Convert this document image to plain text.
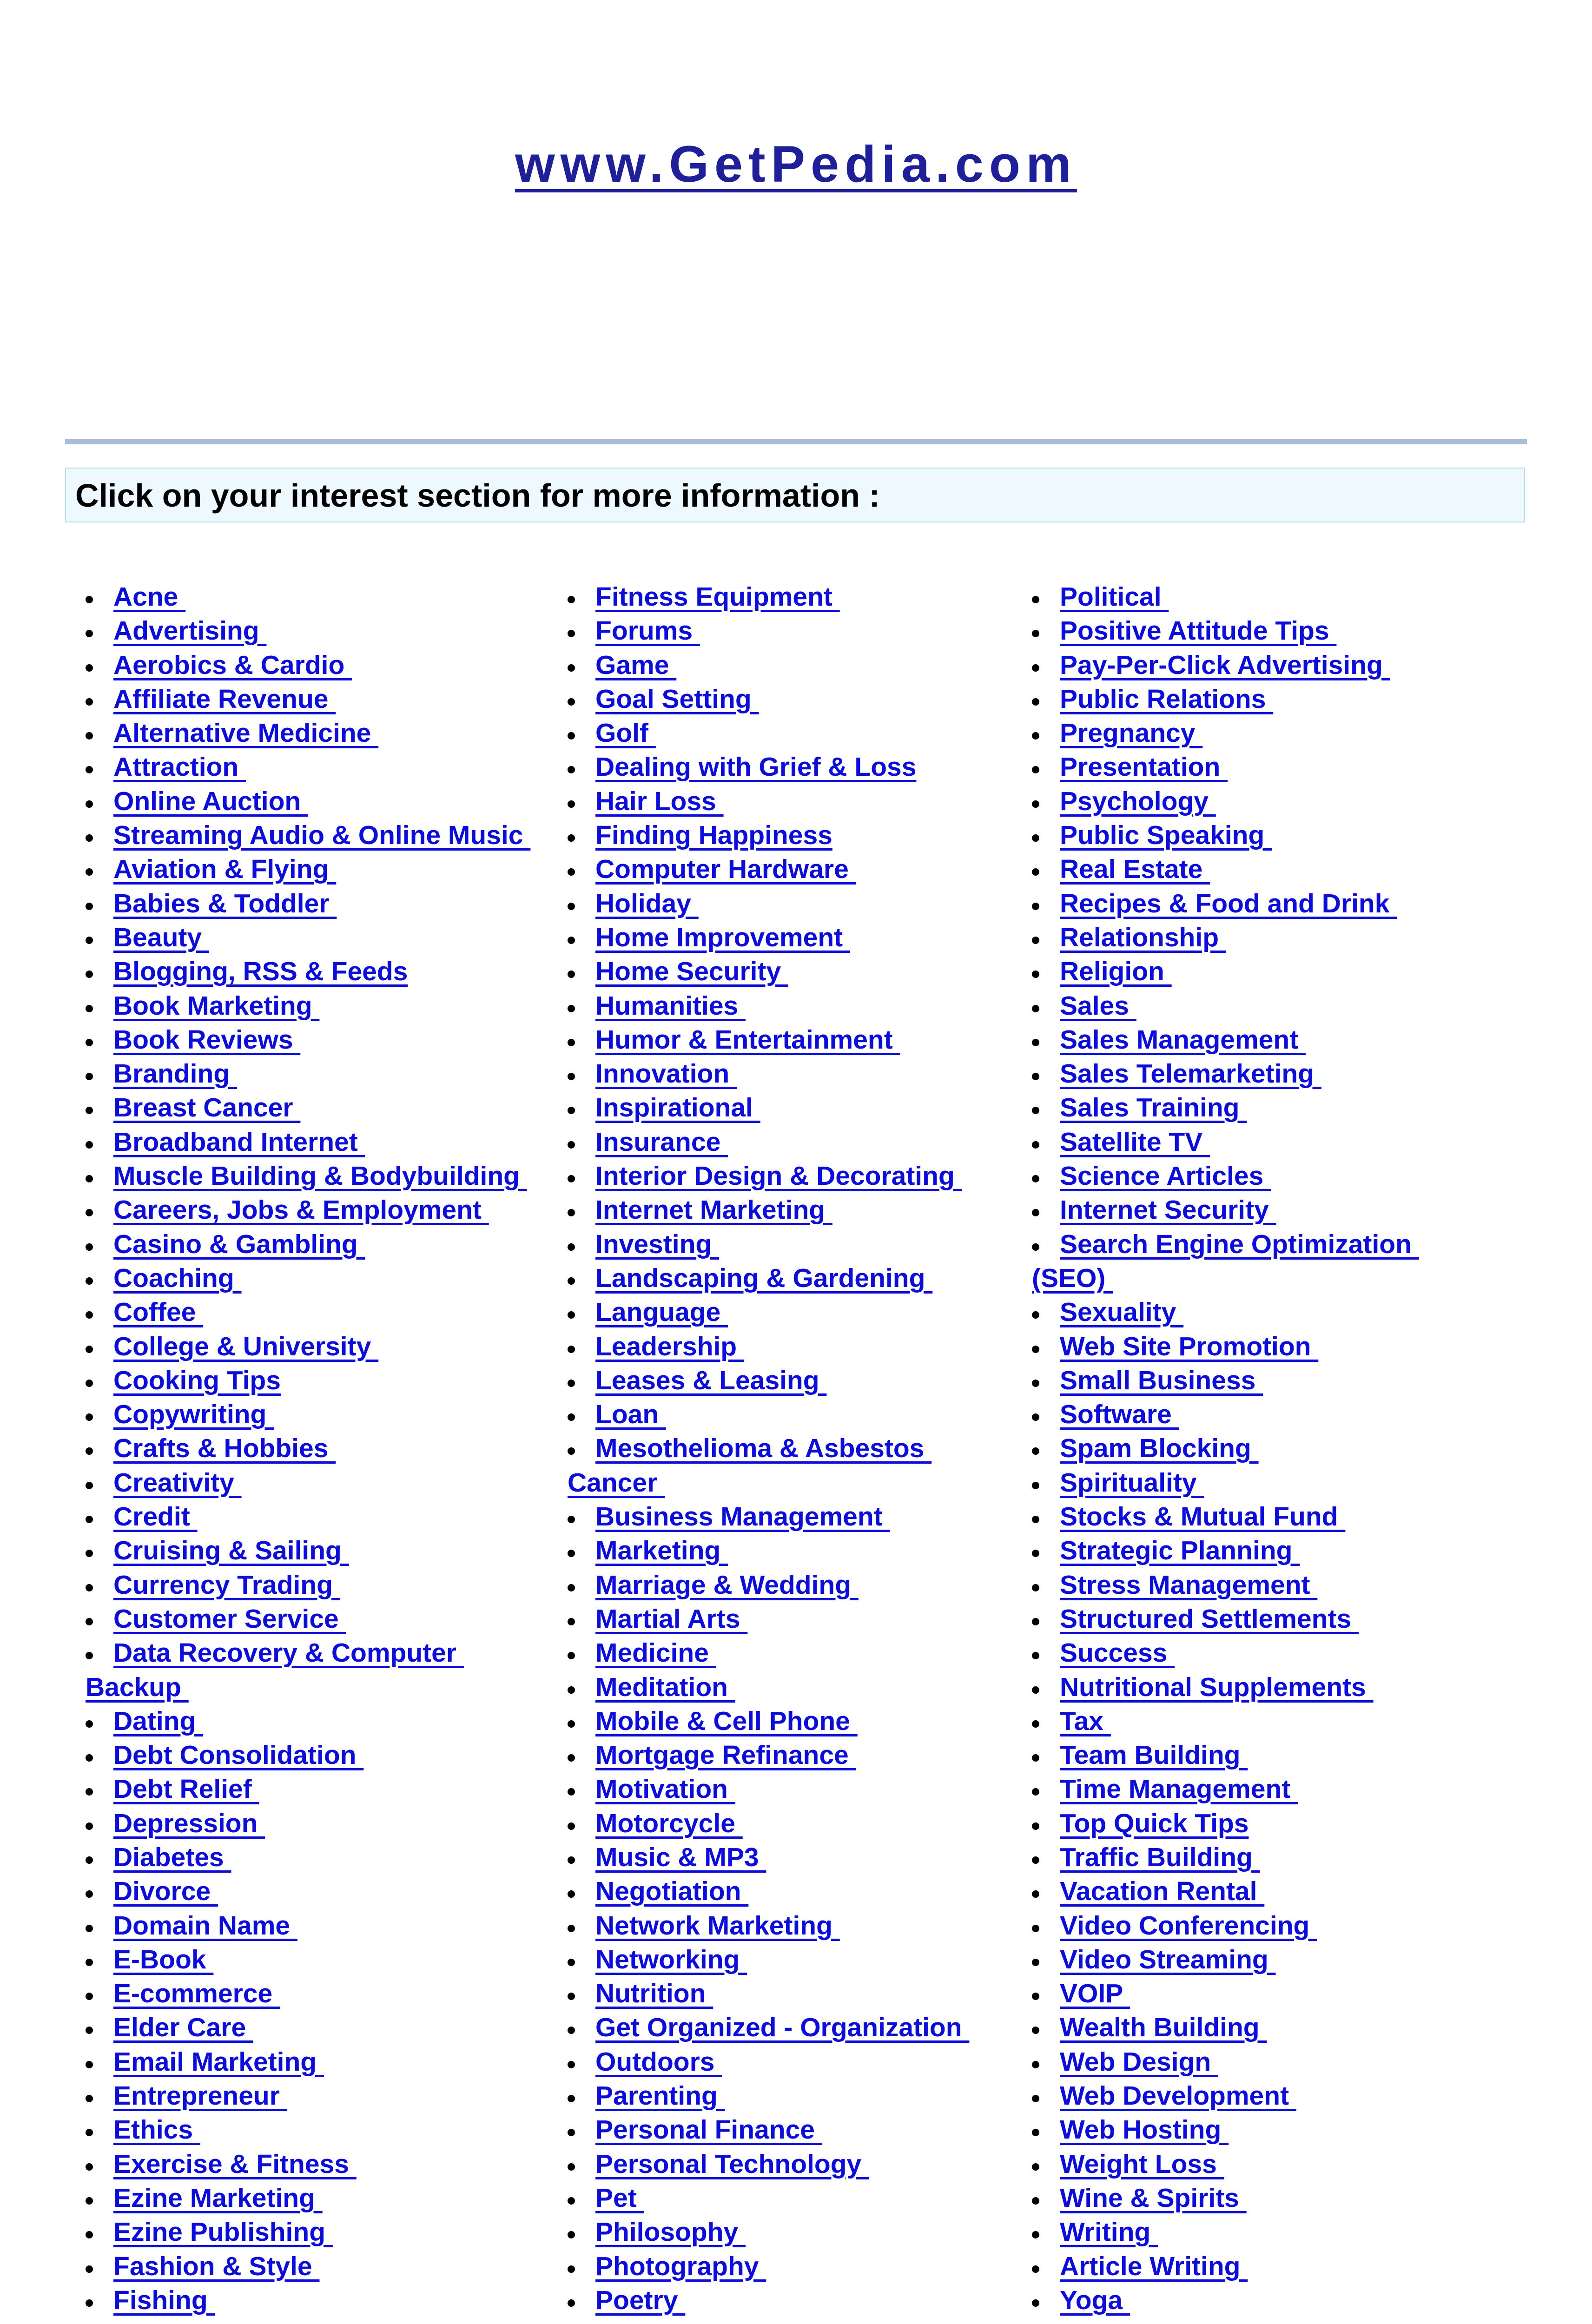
www.GetPedia.com
Click on your interest section for more information :
Acne
Advertising
Aerobics & Cardio
Affiliate Revenue
Alternative Medicine
Attraction
Online Auction
Streaming Audio & Online Music
Aviation & Flying
Babies & Toddler
Beauty
Blogging, RSS & Feeds
Book Marketing
Book Reviews
Branding
Breast Cancer
Broadband Internet
Muscle Building & Bodybuilding
Careers, Jobs & Employment
Casino & Gambling
Coaching
Coffee
College & University
Cooking Tips
Copywriting
Crafts & Hobbies
Creativity
Credit
Cruising & Sailing
Currency Trading
Customer Service
Data Recovery & Computer
Backup
Dating
Debt Consolidation
Debt Relief
Depression
Diabetes
Divorce
Domain Name
E-Book
E-commerce
Elder Care
Email Marketing
Entrepreneur
Ethics
Exercise & Fitness
Ezine Marketing
Ezine Publishing
Fashion & Style
Fishing
Fitness Equipment
Forums
Game
Goal Setting
Golf
Dealing with Grief & Loss
Hair Loss
Finding Happiness
Computer Hardware
Holiday
Home Improvement
Home Security
Humanities
Humor & Entertainment
Innovation
Inspirational
Insurance
Interior Design & Decorating
Internet Marketing
Investing
Landscaping & Gardening
Language
Leadership
Leases & Leasing
Loan
Mesothelioma & Asbestos
Cancer
Business Management
Marketing
Marriage & Wedding
Martial Arts
Medicine
Meditation
Mobile & Cell Phone
Mortgage Refinance
Motivation
Motorcycle
Music & MP3
Negotiation
Network Marketing
Networking
Nutrition
Get Organized - Organization
Outdoors
Parenting
Personal Finance
Personal Technology
Pet
Philosophy
Photography
Poetry
Political
Positive Attitude Tips
Pay-Per-Click Advertising
Public Relations
Pregnancy
Presentation
Psychology
Public Speaking
Real Estate
Recipes & Food and Drink
Relationship
Religion
Sales
Sales Management
Sales Telemarketing
Sales Training
Satellite TV
Science Articles
Internet Security
Search Engine Optimization
(SEO)
Sexuality
Web Site Promotion
Small Business
Software
Spam Blocking
Spirituality
Stocks & Mutual Fund
Strategic Planning
Stress Management
Structured Settlements
Success
Nutritional Supplements
Tax
Team Building
Time Management
Top Quick Tips
Traffic Building
Vacation Rental
Video Conferencing
Video Streaming
VOIP
Wealth Building
Web Design
Web Development
Web Hosting
Weight Loss
Wine & Spirits
Writing
Article Writing
Yoga
